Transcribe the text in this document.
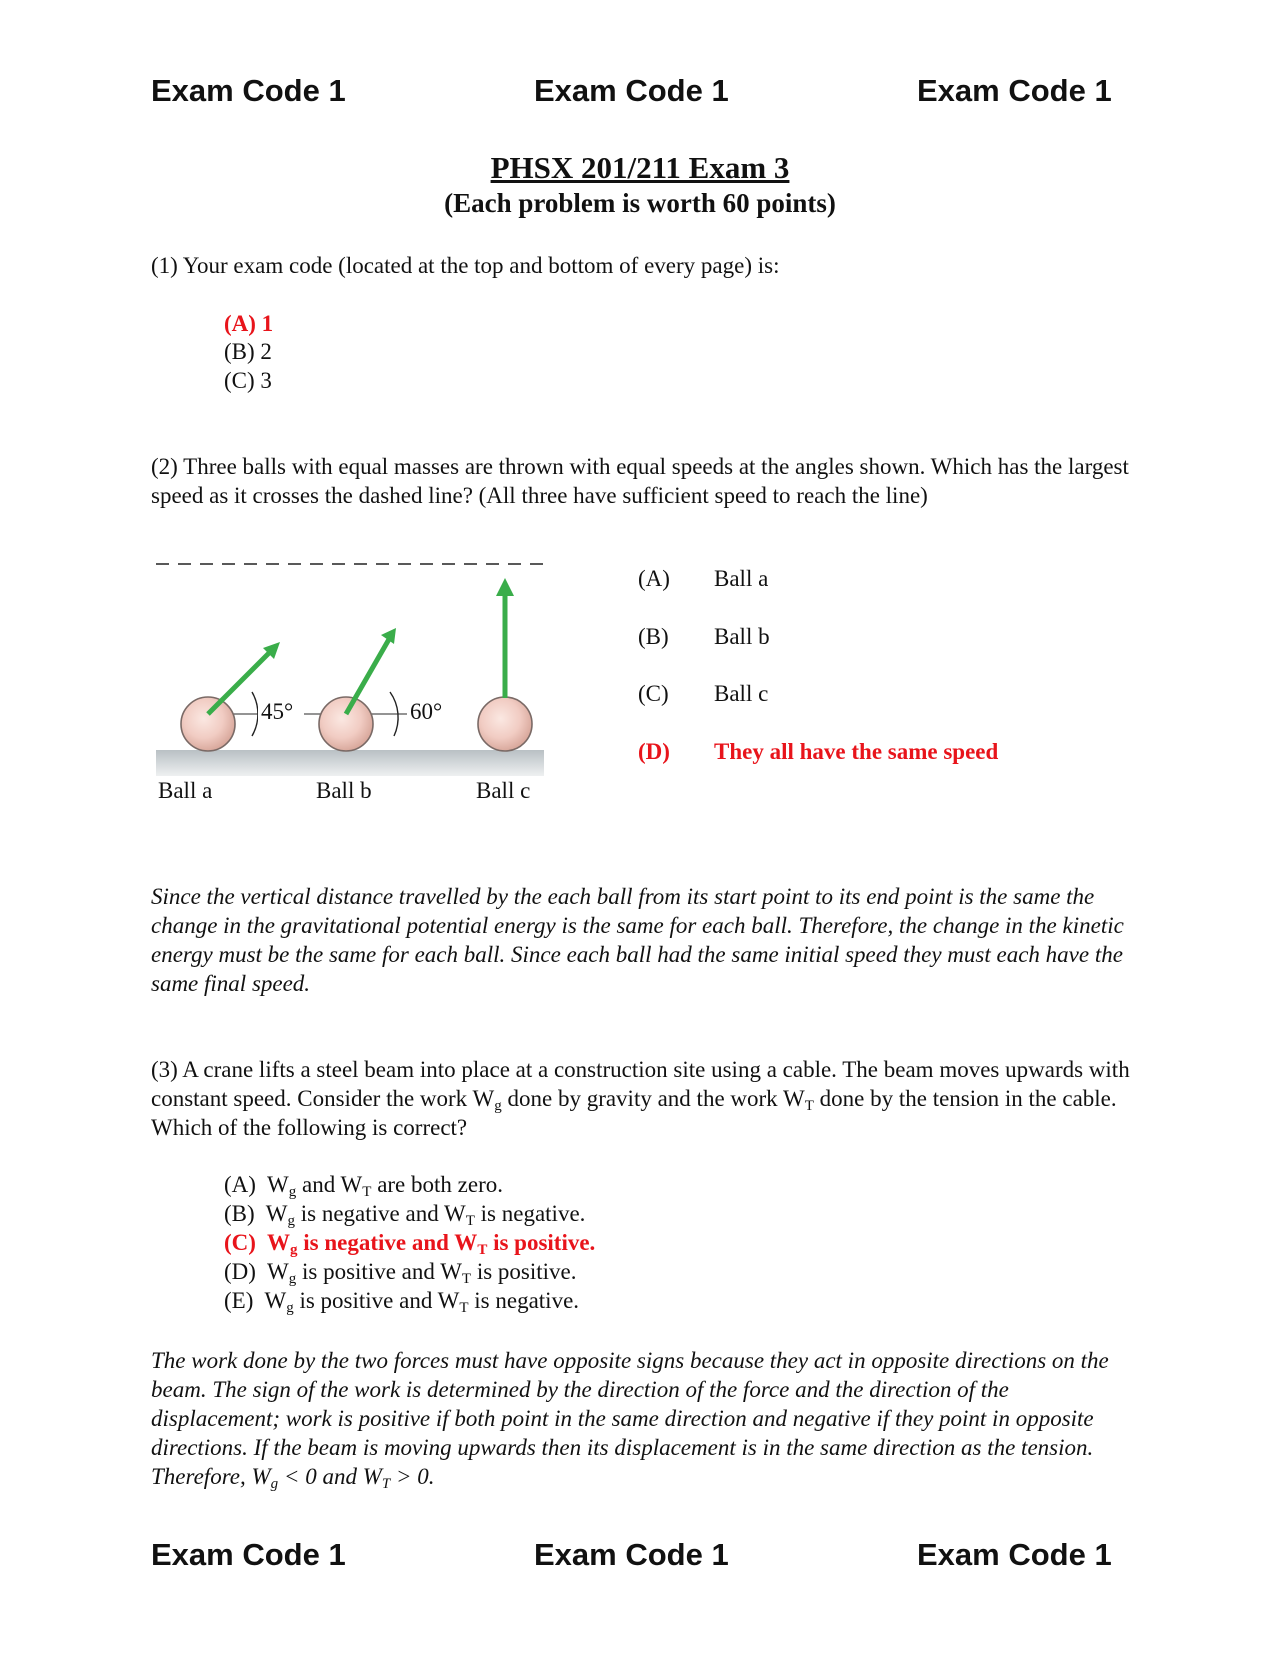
Exam Code 1	Exam Code 1	Exam Code 1
PHSX 201/211 Exam 3
(Each problem is worth 60 points)
(1) Your exam code (located at the top and bottom of every page) is:
(A) 1
(B) 2
(C) 3
(2) Three balls with equal masses are thrown with equal speeds at the angles shown. Which has the largest speed as it crosses the dashed line? (All three have sufficient speed to reach the line)
45°	60°
Ball a	Ball b	Ball c
(A) Ball a
(B) Ball b
(C) Ball c
(D) They all have the same speed
Since the vertical distance travelled by the each ball from its start point to its end point is the same the change in the gravitational potential energy is the same for each ball. Therefore, the change in the kinetic energy must be the same for each ball. Since each ball had the same initial speed they must each have the same final speed.
(3) A crane lifts a steel beam into place at a construction site using a cable. The beam moves upwards with constant speed. Consider the work $W_g$ done by gravity and the work $W_T$ done by the tension in the cable. Which of the following is correct?
(A) $W_g$ and $W_T$ are both zero.
(B) $W_g$ is negative and $W_T$ is negative.
(C) $W_g$ is negative and $W_T$ is positive.
(D) $W_g$ is positive and $W_T$ is positive.
(E) $W_g$ is positive and $W_T$ is negative.
The work done by the two forces must have opposite signs because they act in opposite directions on the beam. The sign of the work is determined by the direction of the force and the direction of the displacement; work is positive if both point in the same direction and negative if they point in opposite directions. If the beam is moving upwards then its displacement is in the same direction as the tension. Therefore, $W_g < 0$ and $W_T > 0$.
Exam Code 1	Exam Code 1	Exam Code 1
